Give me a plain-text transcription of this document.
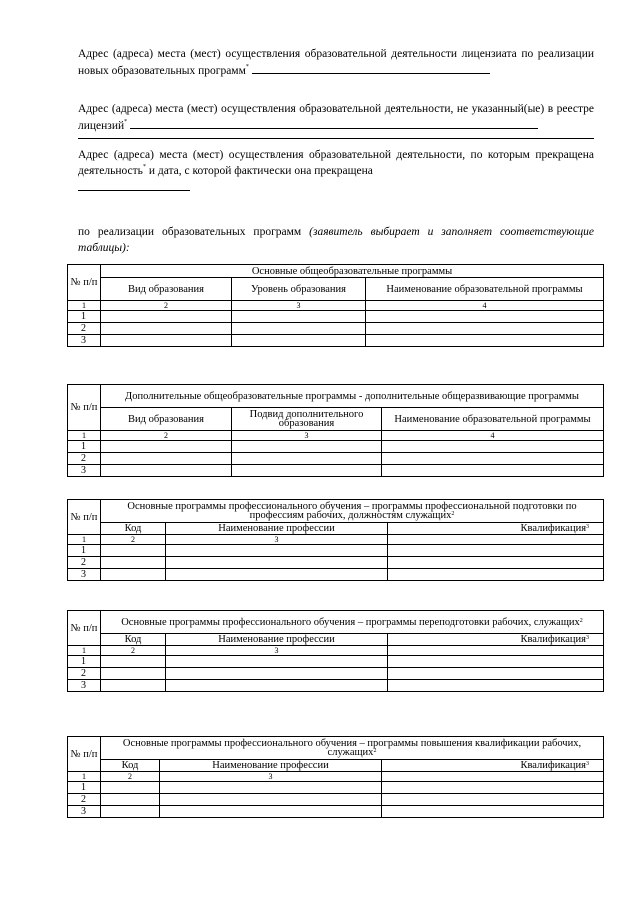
Адрес (адреса) места (мест) осуществления образовательной деятельности лицензиата по реализации новых образовательных программ*
Адрес (адреса) места (мест) осуществления образовательной деятельности, не указанный(ые) в реестре лицензий*
Адрес (адреса) места (мест) осуществления образовательной деятельности, по которым прекращена деятельность* и дата, с которой фактически она прекращена

по реализации образовательных программ (заявитель выбирает и заполняет соответствующие таблицы):
№ п/п	Основные общеобразовательные программы		
	Вид образования	Уровень образования	Наименование образовательной программы
1	2	3	4
1			
2			
3			
№ п/п	Дополнительные общеобразовательные программы - дополнительные общеразвивающие программы		
	Вид образования	Подвид дополнительного образования	Наименование образовательной программы
1	2	3	4
1			
2			
3			
№ п/п	Основные программы профессионального обучения – программы профессиональной подготовки по профессиям рабочих, должностям служащих$^2$
	Код	Наименование профессии	Квалификация$^3$
1	2	3	
1			
2			
3			
№ п/п	Основные программы профессионального обучения – программы переподготовки рабочих, служащих$^2$
	Код	Наименование профессии	Квалификация$^3$
1	2	3	
1			
2			
3			
№ п/п	Основные программы профессионального обучения – программы повышения квалификации рабочих, служащих$^2$
	Код	Наименование профессии	Квалификация$^3$
1	2	3	
1			
2			
3			
